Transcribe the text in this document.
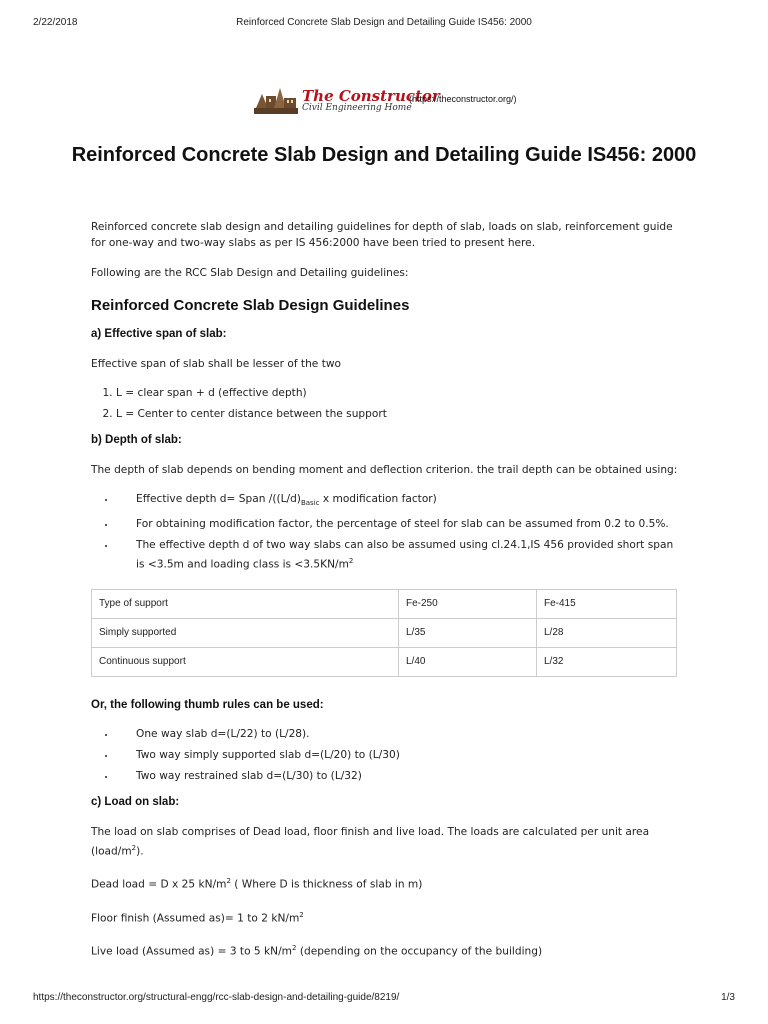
2/22/2018	Reinforced Concrete Slab Design and Detailing Guide IS456: 2000
The Constructor
Civil Engineering Home
(https://theconstructor.org/)
Reinforced Concrete Slab Design and Detailing Guide IS456: 2000

Reinforced concrete slab design and detailing guidelines for depth of slab, loads on slab, reinforcement guide for one-way and two-way slabs as per IS 456:2000 have been tried to present here.

Following are the RCC Slab Design and Detailing guidelines:

Reinforced Concrete Slab Design Guidelines
a) Effective span of slab:

Effective span of slab shall be lesser of the two

1. L = clear span + d (effective depth)
2. L = Center to center distance between the support
b) Depth of slab:

The depth of slab depends on bending moment and deflection criterion. the trail depth can be obtained using:

• Effective depth d= Span $/((L/d)_{Basic}$ x modification factor)
• For obtaining modification factor, the percentage of steel for slab can be assumed from 0.2 to 0.5%.
• The effective depth d of two way slabs can also be assumed using cl.24.1,IS 456 provided short span is <3.5m and loading class is $<3.5KN/m^2$
Type of support	Fe-250	Fe-415
Simply supported	L/35	L/28
Continuous support	L/40	L/32
Or, the following thumb rules can be used:
• One way slab d=(L/22) to (L/28).
• Two way simply supported slab d=(L/20) to (L/30)
• Two way restrained slab d=(L/30) to (L/32)
c) Load on slab:

The load on slab comprises of Dead load, floor finish and live load. The loads are calculated per unit area $(load/m^2)$.

Dead load = D x 25 $kN/m^2$ ( Where D is thickness of slab in m)

Floor finish (Assumed as)= 1 to 2 $kN/m^2$

Live load (Assumed as) = 3 to 5 $kN/m^2$ (depending on the occupancy of the building)

https://theconstructor.org/structural-engg/rcc-slab-design-and-detailing-guide/8219/	1/3
